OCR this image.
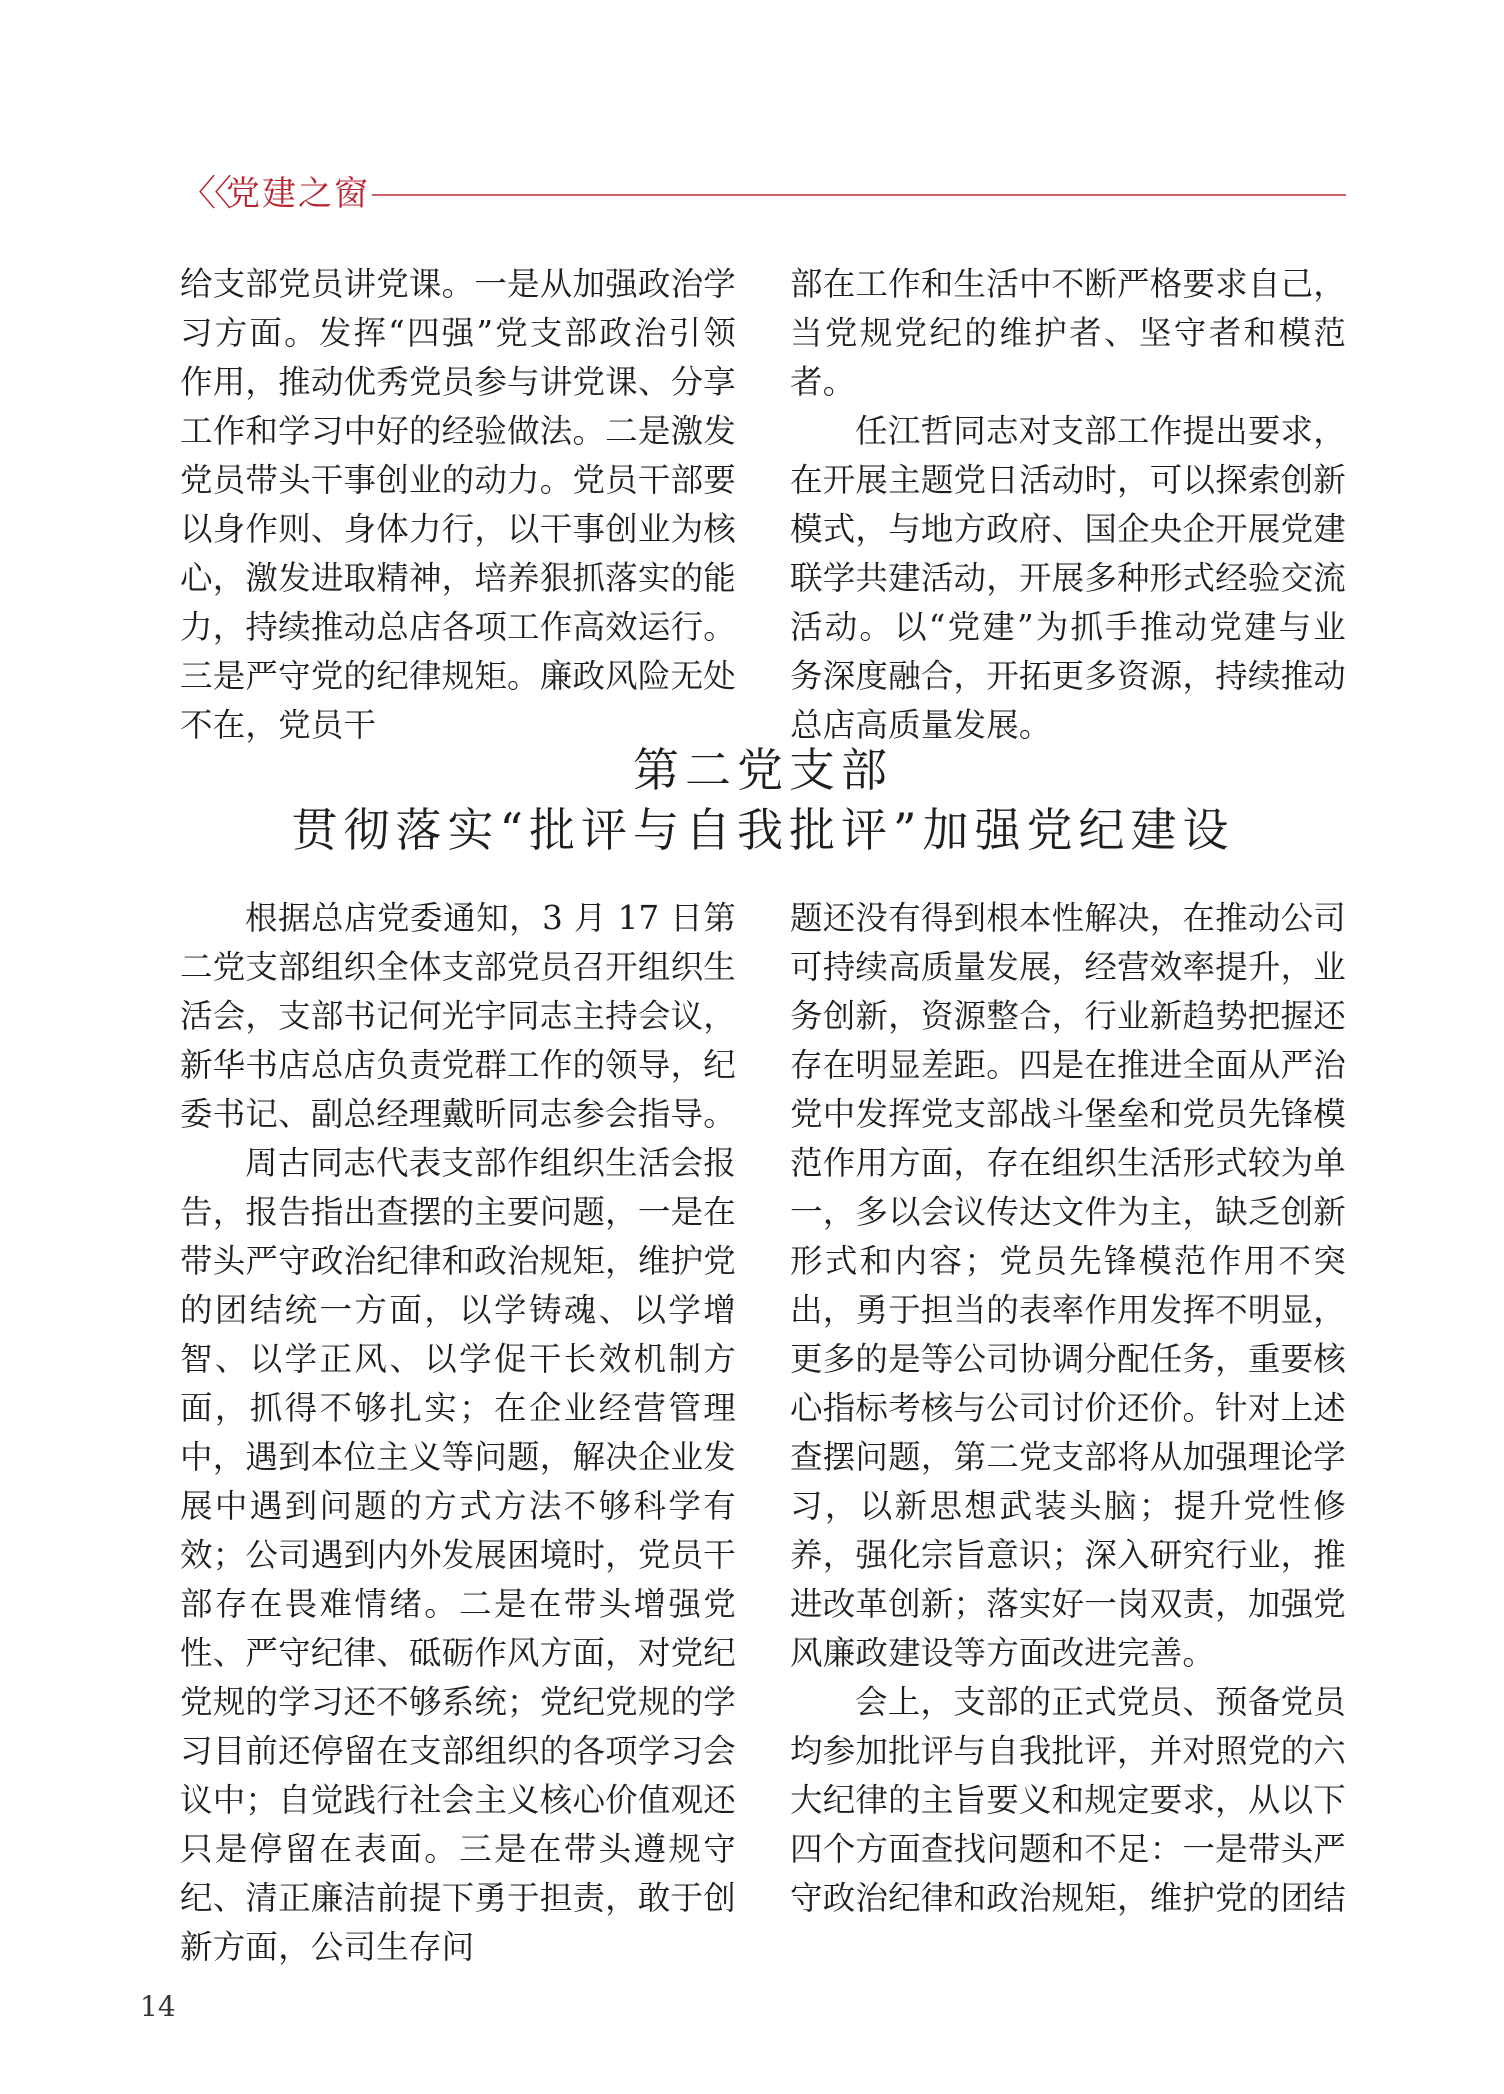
〈〈
党建之窗

给支部党员讲党课。一是从加强政治学习方面。发挥“四强”党支部政治引领作用，推动优秀党员参与讲党课、分享工作和学习中好的经验做法。二是激发党员带头干事创业的动力。党员干部要以身作则、身体力行，以干事创业为核心，激发进取精神，培养狠抓落实的能力，持续推动总店各项工作高效运行。三是严守党的纪律规矩。廉政风险无处不在，党员干

部在工作和生活中不断严格要求自己，当党规党纪的维护者、坚守者和模范者。

任江哲同志对支部工作提出要求，在开展主题党日活动时，可以探索创新模式，与地方政府、国企央企开展党建联学共建活动，开展多种形式经验交流活动。以“党建”为抓手推动党建与业务深度融合，开拓更多资源，持续推动总店高质量发展。

第二党支部
贯彻落实“批评与自我批评”加强党纪建设

根据总店党委通知，3 月 17 日第二党支部组织全体支部党员召开组织生活会，支部书记何光宇同志主持会议，新华书店总店负责党群工作的领导，纪委书记、副总经理戴昕同志参会指导。

周古同志代表支部作组织生活会报告，报告指出查摆的主要问题，一是在带头严守政治纪律和政治规矩，维护党的团结统一方面，以学铸魂、以学增智、以学正风、以学促干长效机制方面，抓得不够扎实；在企业经营管理中，遇到本位主义等问题，解决企业发展中遇到问题的方式方法不够科学有效；公司遇到内外发展困境时，党员干部存在畏难情绪。二是在带头增强党性、严守纪律、砥砺作风方面，对党纪党规的学习还不够系统；党纪党规的学习目前还停留在支部组织的各项学习会议中；自觉践行社会主义核心价值观还只是停留在表面。三是在带头遵规守纪、清正廉洁前提下勇于担责，敢于创新方面，公司生存问

题还没有得到根本性解决，在推动公司可持续高质量发展，经营效率提升，业务创新，资源整合，行业新趋势把握还存在明显差距。四是在推进全面从严治党中发挥党支部战斗堡垒和党员先锋模范作用方面，存在组织生活形式较为单一，多以会议传达文件为主，缺乏创新形式和内容；党员先锋模范作用不突出，勇于担当的表率作用发挥不明显，更多的是等公司协调分配任务，重要核心指标考核与公司讨价还价。针对上述查摆问题，第二党支部将从加强理论学习，以新思想武装头脑；提升党性修养，强化宗旨意识；深入研究行业，推进改革创新；落实好一岗双责，加强党风廉政建设等方面改进完善。

会上，支部的正式党员、预备党员均参加批评与自我批评，并对照党的六大纪律的主旨要义和规定要求，从以下四个方面查找问题和不足：一是带头严守政治纪律和政治规矩，维护党的团结

14
